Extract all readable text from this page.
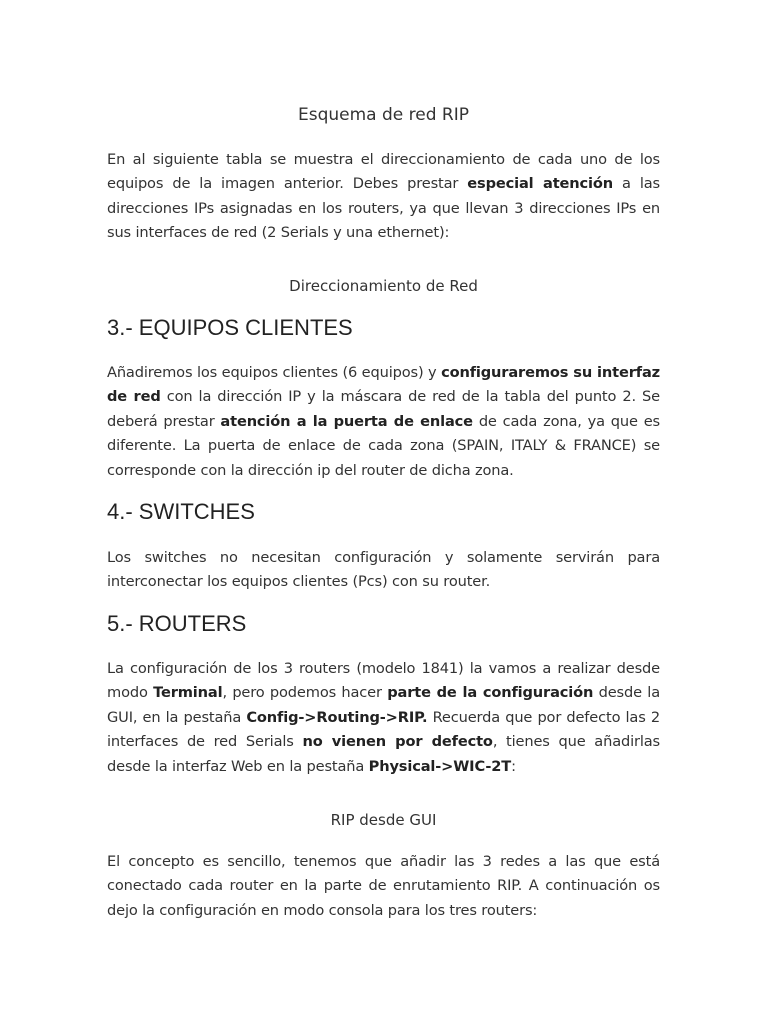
Esquema de red RIP

En al siguiente tabla se muestra el direccionamiento de cada uno de los equipos de la imagen anterior. Debes prestar especial atención a las direcciones IPs asignadas en los routers, ya que llevan 3 direcciones IPs en sus interfaces de red (2 Serials y una ethernet):

Direccionamiento de Red
3.- EQUIPOS CLIENTES

Añadiremos los equipos clientes (6 equipos) y configuraremos su interfaz de red con la dirección IP y la máscara de red de la tabla del punto 2. Se deberá prestar atención a la puerta de enlace de cada zona, ya que es diferente. La puerta de enlace de cada zona (SPAIN, ITALY & FRANCE) se corresponde con la dirección ip del router de dicha zona.

4.- SWITCHES

Los switches no necesitan configuración y solamente servirán para interconectar los equipos clientes (Pcs) con su router.

5.- ROUTERS

La configuración de los 3 routers (modelo 1841) la vamos a realizar desde modo Terminal, pero podemos hacer parte de la configuración desde la GUI, en la pestaña Config->Routing->RIP. Recuerda que por defecto las 2 interfaces de red Serials no vienen por defecto, tienes que añadirlas desde la interfaz Web en la pestaña Physical->WIC-2T:

RIP desde GUI

El concepto es sencillo, tenemos que añadir las 3 redes a las que está conectado cada router en la parte de enrutamiento RIP. A continuación os dejo la configuración en modo consola para los tres routers:
